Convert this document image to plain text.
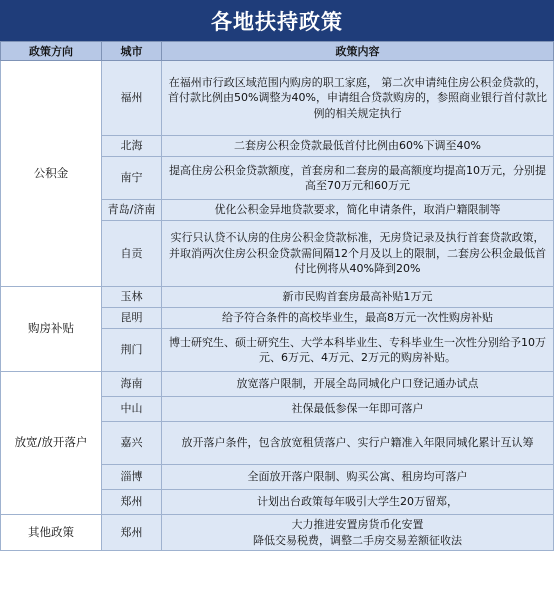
各地扶持政策
政策方向	城市	政策内容
公积金	福州	在福州市行政区域范围内购房的职工家庭， 第二次申请纯住房公积金贷款的，首付款比例由50%调整为40%，申请组合贷款购房的，参照商业银行首付款比例的相关规定执行
	北海	二套房公积金贷款最低首付比例由60%下调至40%
	南宁	提高住房公积金贷款额度，首套房和二套房的最高额度均提高10万元，分别提高至70万元和60万元
	青岛/济南	优化公积金异地贷款要求，简化申请条件，取消户籍限制等
	自贡	实行只认贷不认房的住房公积金贷款标准，无房贷记录及执行首套贷款政策，并取消两次住房公积金贷款需间隔12个月及以上的限制，二套房公积金最低首付比例将从40%降到20%
购房补贴	玉林	新市民购首套房最高补贴1万元
	昆明	给予符合条件的高校毕业生，最高8万元一次性购房补贴
	荆门	博士研究生、硕士研究生、大学本科毕业生、专科毕业生一次性分别给予10万元、6万元、4万元、2万元的购房补贴。
放宽/放开落户	海南	放宽落户限制，开展全岛同城化户口登记通办试点
	中山	社保最低参保一年即可落户
	嘉兴	放开落户条件，包含放宽租赁落户、实行户籍准入年限同城化累计互认筹
	淄博	全面放开落户限制、购买公寓、租房均可落户
	郑州	计划出台政策每年吸引大学生20万留郑，
其他政策	郑州	大力推进安置房货币化安置
降低交易税费，调整二手房交易差额征收法
